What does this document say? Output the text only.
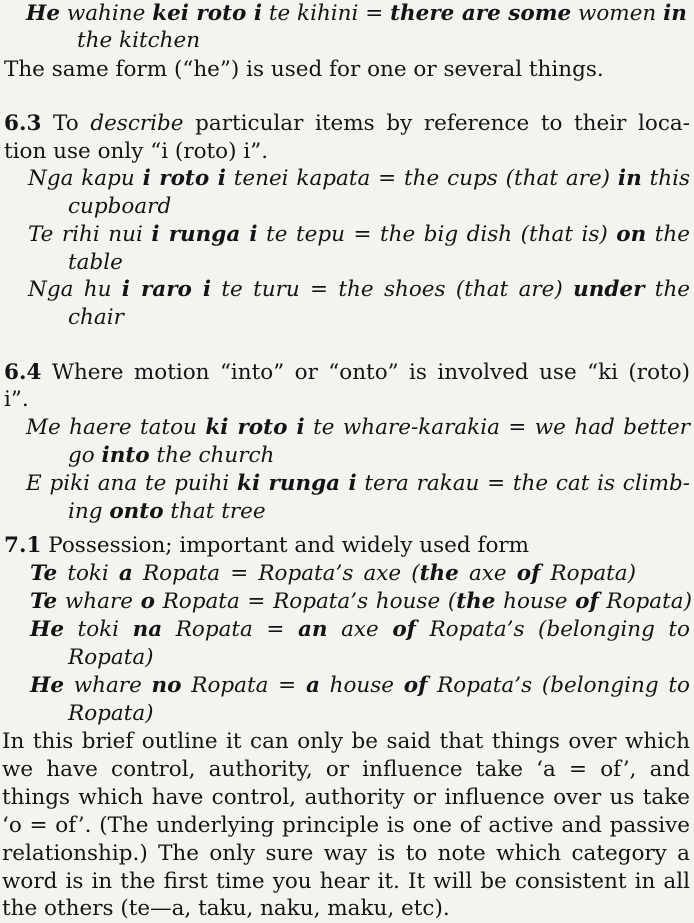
He wahine kei roto i te kihini = there are some women in
the kitchen
The same form (“he”) is used for one or several things.
6.3 To describe particular items by reference to their loca-
tion use only “i (roto) i”.
Nga kapu i roto i tenei kapata = the cups (that are) in this
cupboard
Te rihi nui i runga i te tepu = the big dish (that is) on the
table
Nga hu i raro i te turu = the shoes (that are) under the
chair
6.4 Where motion “into” or “onto” is involved use “ki (roto)
i”.
Me haere tatou ki roto i te whare-karakia = we had better
go into the church
E piki ana te puihi ki runga i tera rakau = the cat is climb-
ing onto that tree
7.1 Possession; important and widely used form
Te toki a Ropata = Ropata’s axe (the axe of Ropata)
Te whare o Ropata = Ropata’s house (the house of Ropata)
He toki na Ropata = an axe of Ropata’s (belonging to
Ropata)
He whare no Ropata = a house of Ropata’s (belonging to
Ropata)
In this brief outline it can only be said that things over which
we have control, authority, or influence take ‘a = of’, and
things which have control, authority or influence over us take
‘o = of’. (The underlying principle is one of active and passive
relationship.) The only sure way is to note which category a
word is in the first time you hear it. It will be consistent in all
the others (te—a, taku, naku, maku, etc).
